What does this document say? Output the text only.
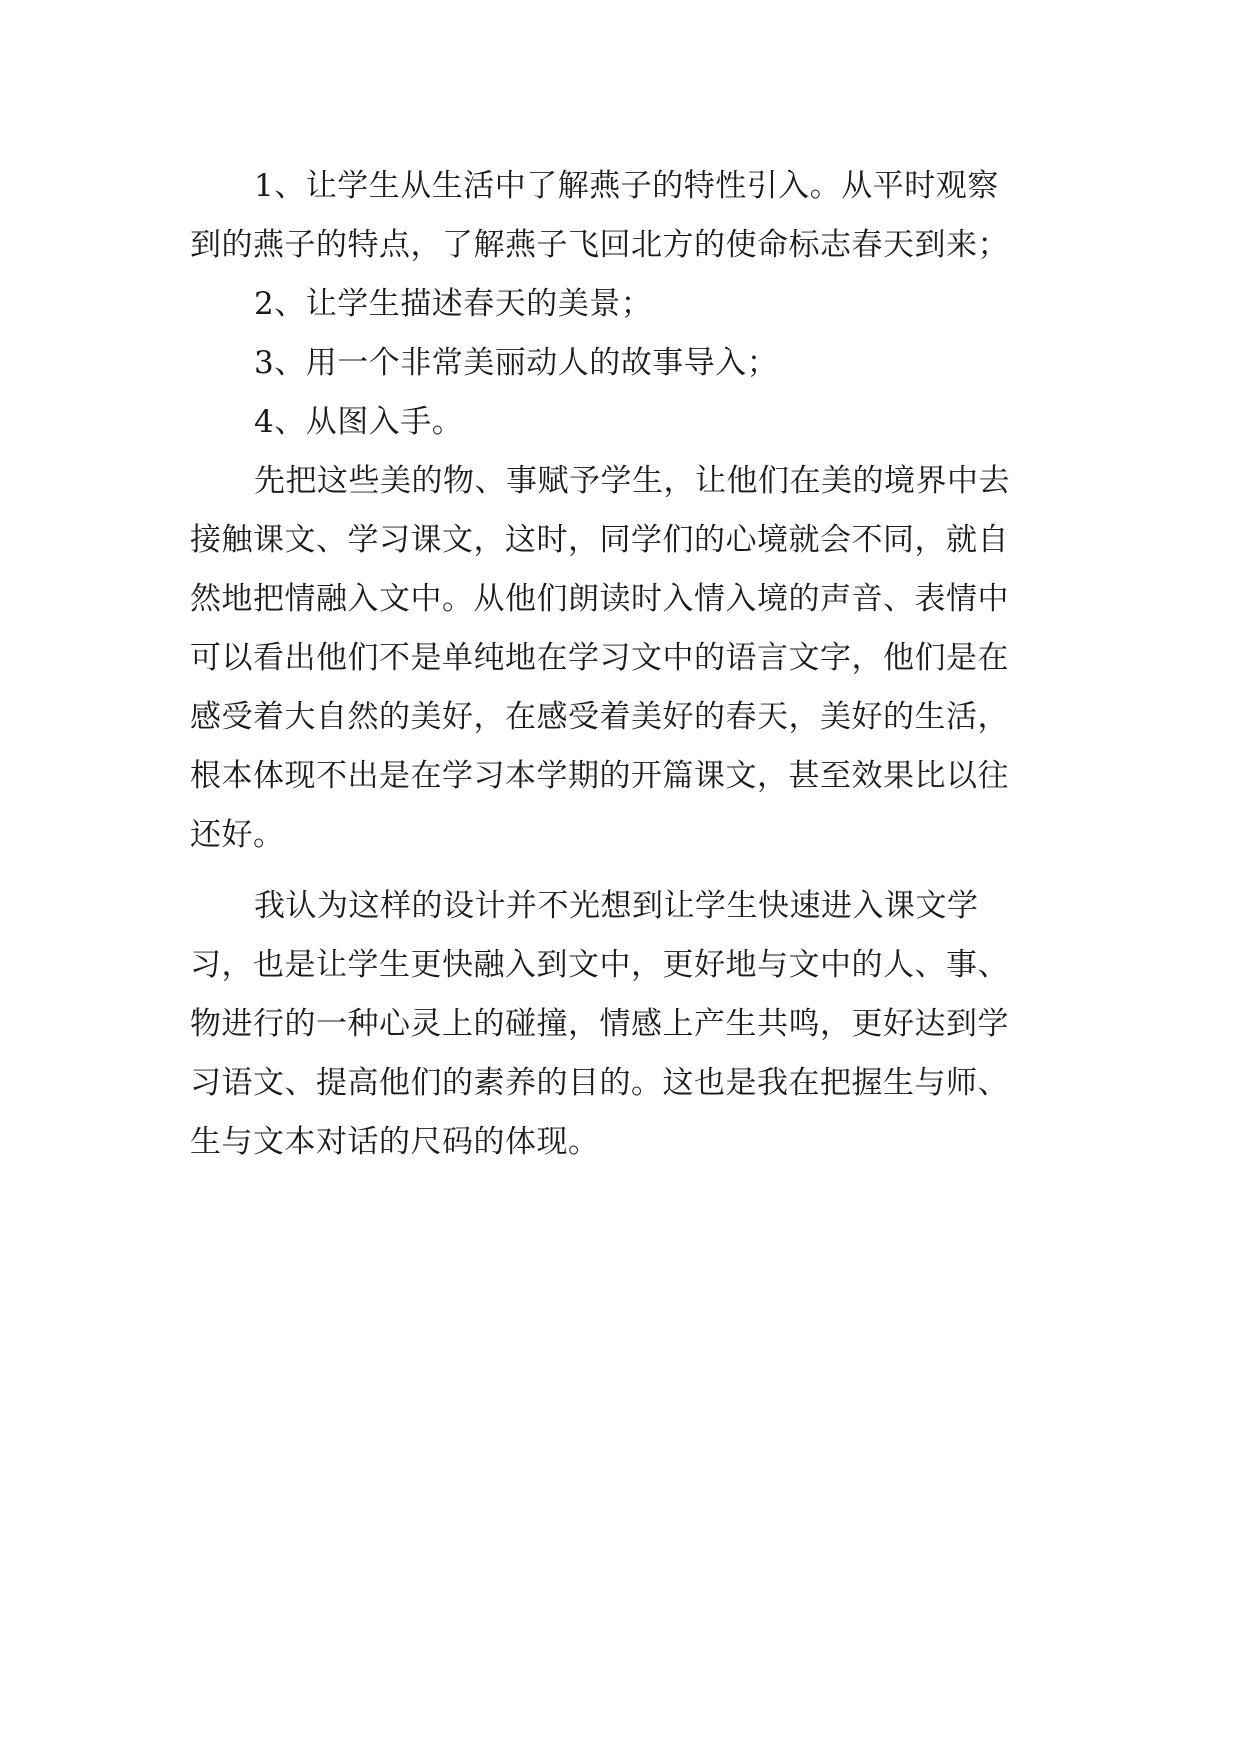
1、让学生从生活中了解燕子的特性引入。从平时观察
到的燕子的特点，了解燕子飞回北方的使命标志春天到来；

2、让学生描述春天的美景；

3、用一个非常美丽动人的故事导入；

4、从图入手。

先把这些美的物、事赋予学生，让他们在美的境界中去
接触课文、学习课文，这时，同学们的心境就会不同，就自
然地把情融入文中。从他们朗读时入情入境的声音、表情中
可以看出他们不是单纯地在学习文中的语言文字，他们是在
感受着大自然的美好，在感受着美好的春天，美好的生活，
根本体现不出是在学习本学期的开篇课文，甚至效果比以往
还好。

我认为这样的设计并不光想到让学生快速进入课文学
习，也是让学生更快融入到文中，更好地与文中的人、事、
物进行的一种心灵上的碰撞，情感上产生共鸣，更好达到学
习语文、提高他们的素养的目的。这也是我在把握生与师、
生与文本对话的尺码的体现。
